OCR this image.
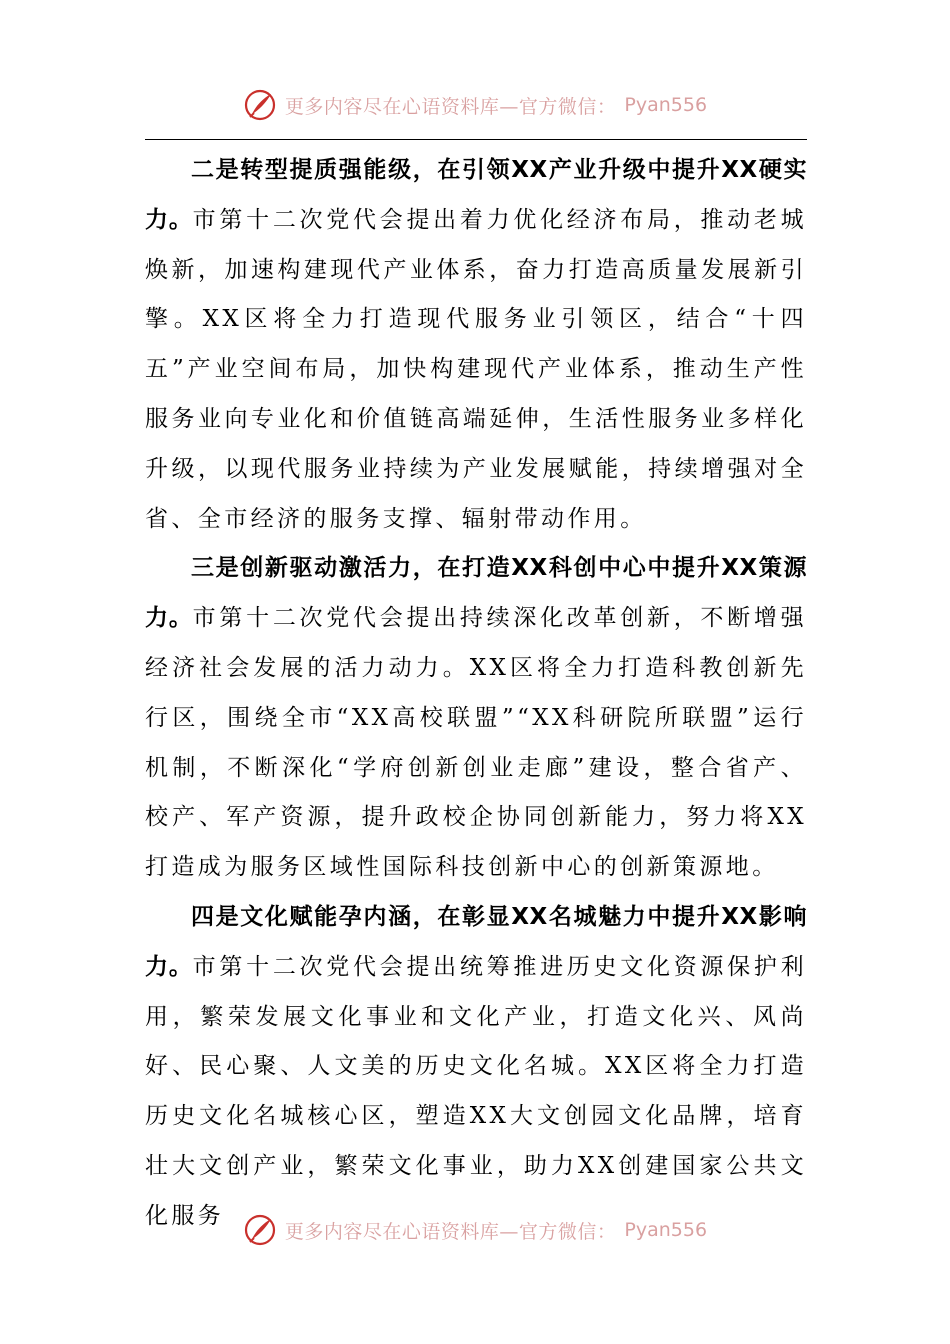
更多内容尽在心语资料库—官方微信： Pyan556

二是转型提质强能级，在引领XX产业升级中提升XX硬实力。市第十二次党代会提出着力优化经济布局，推动老城焕新，加速构建现代产业体系，奋力打造高质量发展新引擎。XX区将全力打造现代服务业引领区，结合“十四五”产业空间布局，加快构建现代产业体系，推动生产性服务业向专业化和价值链高端延伸，生活性服务业多样化升级，以现代服务业持续为产业发展赋能，持续增强对全省、全市经济的服务支撑、辐射带动作用。

三是创新驱动激活力，在打造XX科创中心中提升XX策源力。市第十二次党代会提出持续深化改革创新，不断增强经济社会发展的活力动力。XX区将全力打造科教创新先行区，围绕全市“XX高校联盟”“XX科研院所联盟”运行机制，不断深化“学府创新创业走廊”建设，整合省产、校产、军产资源，提升政校企协同创新能力，努力将XX打造成为服务区域性国际科技创新中心的创新策源地。

四是文化赋能孕内涵，在彰显XX名城魅力中提升XX影响力。市第十二次党代会提出统筹推进历史文化资源保护利用，繁荣发展文化事业和文化产业，打造文化兴、风尚好、民心聚、人文美的历史文化名城。XX区将全力打造历史文化名城核心区，塑造XX大文创园文化品牌，培育壮大文创产业，繁荣文化事业，助力XX创建国家公共文化服务

更多内容尽在心语资料库—官方微信： Pyan556
